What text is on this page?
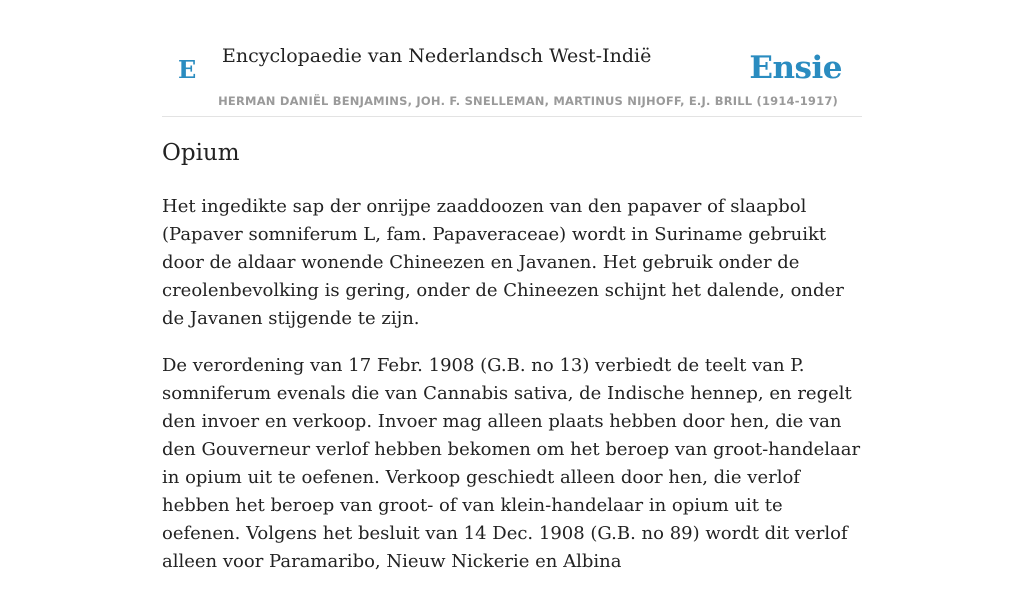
E Encyclopaedie van Nederlandsch West-Indië	Ensie
HERMAN DANIËL BENJAMINS, JOH. F. SNELLEMAN, MARTINUS NIJHOFF, E.J. BRILL (1914-1917)
Opium

Het ingedikte sap der onrijpe zaaddoozen van den papaver of slaapbol (Papaver somniferum L, fam. Papaveraceae) wordt in Suriname gebruikt door de aldaar wonende Chineezen en Javanen. Het gebruik onder de creolenbevolking is gering, onder de Chineezen schijnt het dalende, onder de Javanen stijgende te zijn.

De verordening van 17 Febr. 1908 (G.B. no 13) verbiedt de teelt van P. somniferum evenals die van Cannabis sativa, de Indische hennep, en regelt den invoer en verkoop. Invoer mag alleen plaats hebben door hen, die van den Gouverneur verlof hebben bekomen om het beroep van groot-handelaar in opium uit te oefenen. Verkoop geschiedt alleen door hen, die verlof hebben het beroep van groot- of van klein-handelaar in opium uit te oefenen. Volgens het besluit van 14 Dec. 1908 (G.B. no 89) wordt dit verlof alleen voor Paramaribo, Nieuw Nickerie en Albina
